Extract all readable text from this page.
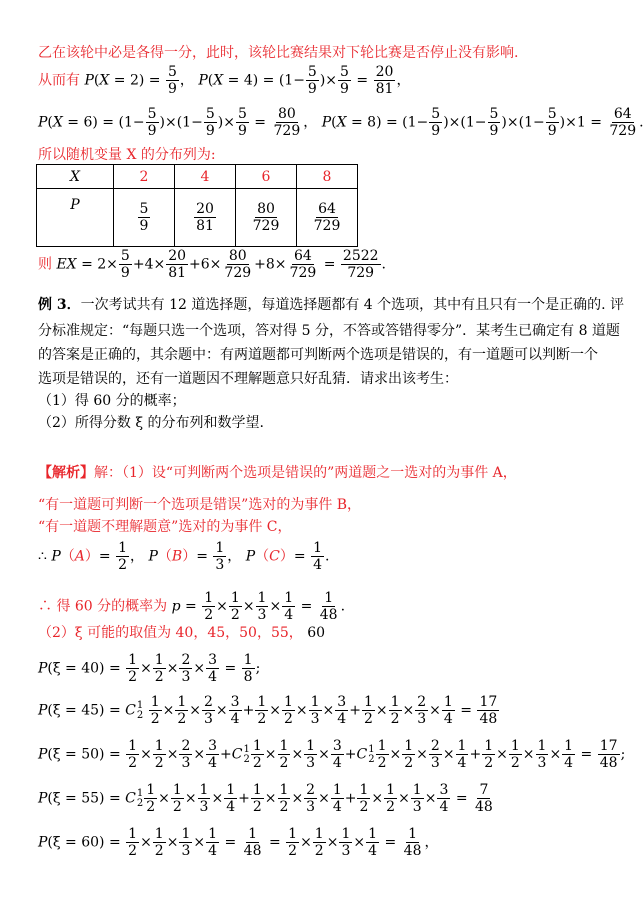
乙在该轮中必是各得一分，此时，该轮比赛结果对下轮比赛是否停止没有影响.
从而有 $P(X = 2) = \frac{5}{9}$ ， $P(X = 4) = (1- \frac{5}{9}$ )× $\frac{5}{9} = \frac{20}{81}$ ，
$P(X = 6) = (1- \frac{5}{9} )\times(1- \frac{5}{9}$ )× $\frac{5}{9} = \frac{80}{729}$ ， $P(X = 8) = (1- \frac{5}{9} )\times(1- \frac{5}{9} )\times(1- \frac{5}{9} )\times 1 = \frac{64}{729}$ .
所以随机变量 X 的分布列为:
X	2	4	6	8
P	$\frac{5}{9}$	$\frac{20}{81}$	$\frac{80}{729}$	$\frac{64}{729}$
则 EX = $2\times \frac{5}{9} +4\times \frac{20}{81} +6\times \frac{80}{729} +8\times \frac{64}{729} = \frac{2522}{729}$ .
例 3．一次考试共有 12 道选择题，每道选择题都有 4 个选项，其中有且只有一个是正确的. 评
分标准规定：“每题只选一个选项，答对得 5 分，不答或答错得零分”．某考生已确定有 8 道题
的答案是正确的，其余题中：有两道题都可判断两个选项是错误的，有一道题可以判断一个
选项是错误的，还有一道题因不理解题意只好乱猜．请求出该考生：
（1）得 60 分的概率；
（2）所得分数 ξ 的分布列和数学望.
【解析】解：（1）设“可判断两个选项是错误的”两道题之一选对的为事件 A，
“有一道题可判断一个选项是错误”选对的为事件 B，
“有一道题不理解题意”选对的为事件 C，
∴ $P(A)= \frac{1}{2}$ ， $P(B)= \frac{1}{3}$ ， $P(C)= \frac{1}{4}$ .
∴ 得 60 分的概率为 $p = \frac{1}{2} \times \frac{1}{2} \times \frac{1}{3} \times \frac{1}{4} = \frac{1}{48}$ .
（2）ξ 可能的取值为 40，45，50，55， 60
$P(\xi = 40) = \frac{1}{2} \times \frac{1}{2} \times \frac{2}{3} \times \frac{3}{4} = \frac{1}{8}$ ;
P(ξ = 45) = C 1
2
$\frac{1}{2} \times \frac{1}{2} \times \frac{2}{3} \times \frac{3}{4} + \frac{1}{2} \times \frac{1}{2} \times \frac{1}{3} \times \frac{3}{4} + \frac{1}{2} \times \frac{1}{2} \times \frac{2}{3} \times \frac{1}{4} = \frac{17}{48}$
$P(\xi = 50) = \frac{1}{2} \times \frac{1}{2} \times \frac{2}{3} \times \frac{3}{4} +C$ 1
$2 \frac{1}{2} \times \frac{1}{2} \times \frac{1}{3} \times \frac{3}{4} +C$ 1
$2 \frac{1}{2} \times \frac{1}{2} \times \frac{2}{3} \times \frac{1}{4} + \frac{1}{2} \times \frac{1}{2} \times \frac{1}{3} \times \frac{1}{4} = \frac{17}{48}$ ;
P(ξ = 55) = C 1
$2 \frac{1}{2} \times \frac{1}{2} \times \frac{1}{3} \times \frac{1}{4} + \frac{1}{2} \times \frac{1}{2} \times \frac{2}{3} \times \frac{1}{4} + \frac{1}{2} \times \frac{1}{2} \times \frac{1}{3} \times \frac{3}{4} = \frac{7}{48}$
$P(\xi = 60) = \frac{1}{2} \times \frac{1}{2} \times \frac{1}{3} \times \frac{1}{4} = \frac{1}{48} = \frac{1}{2} \times \frac{1}{2} \times \frac{1}{3} \times \frac{1}{4} = \frac{1}{48}$ ，
